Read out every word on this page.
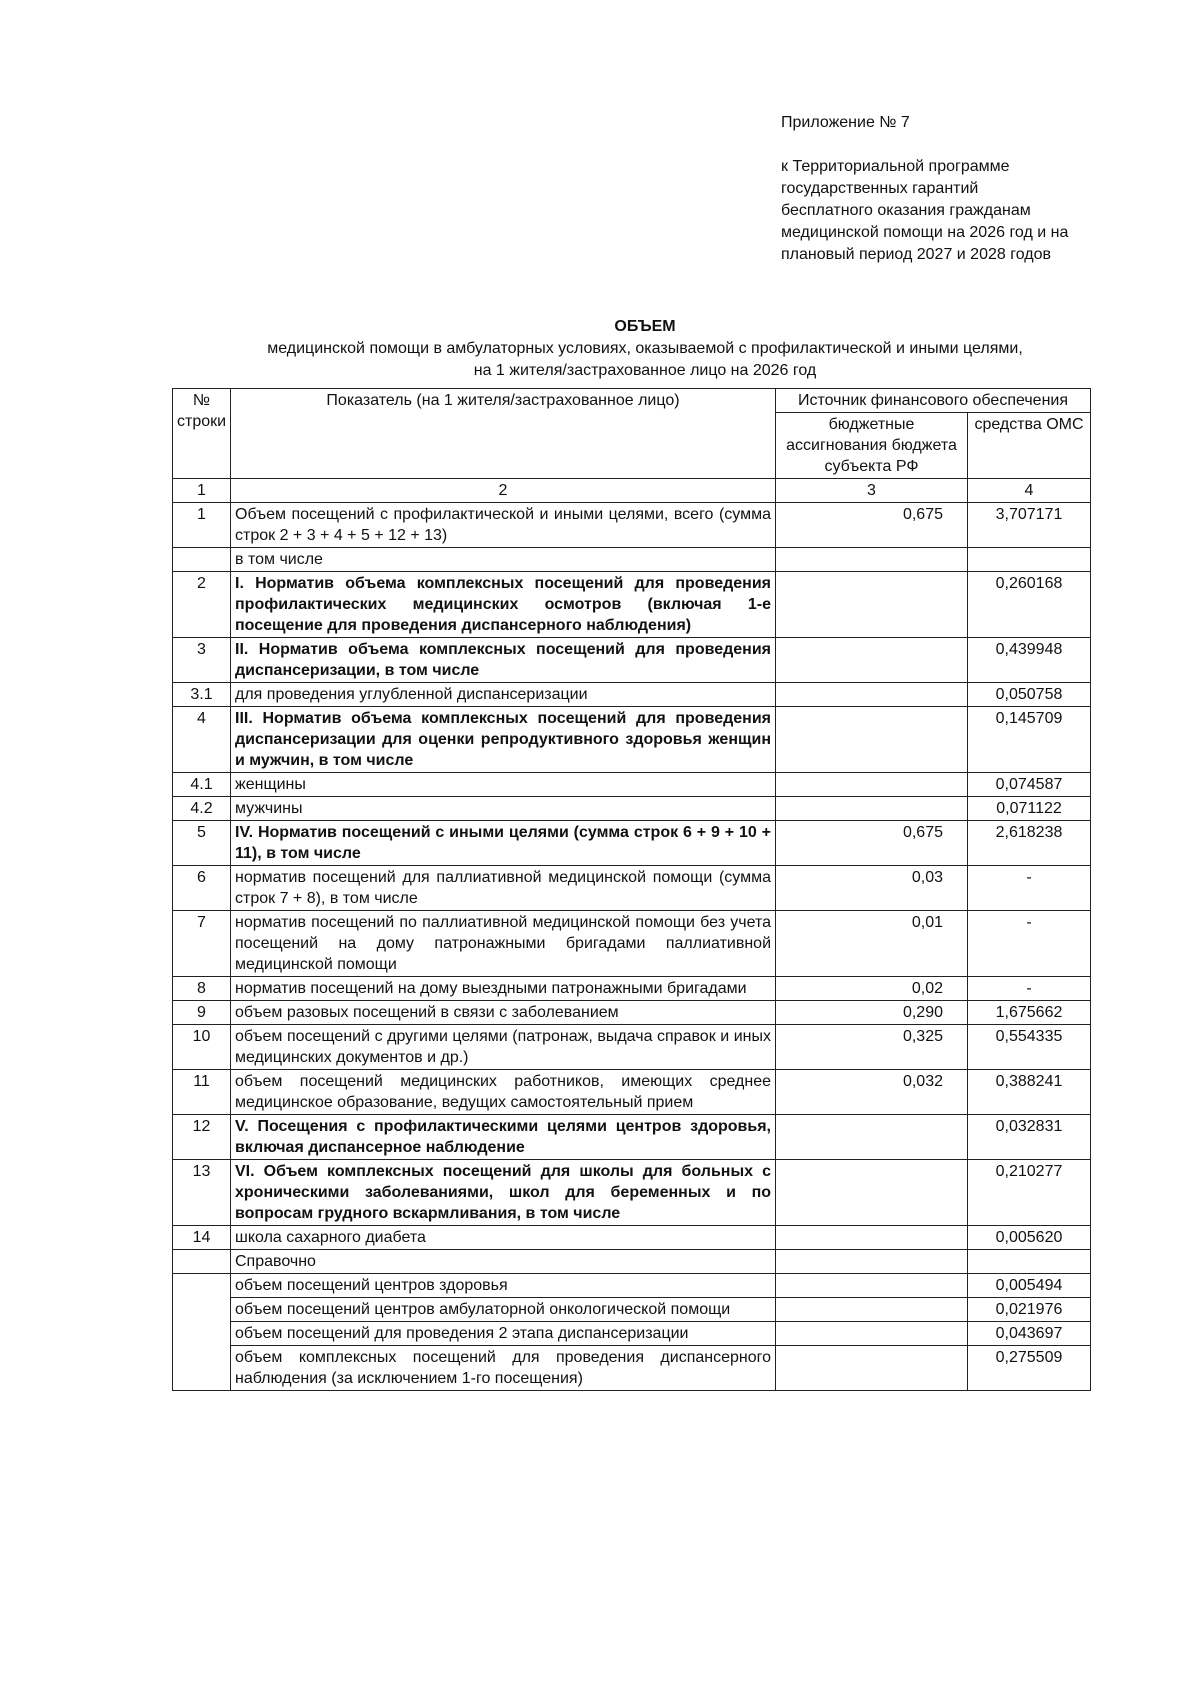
Приложение № 7
к Территориальной программе
государственных гарантий
бесплатного оказания гражданам
медицинской помощи на 2026 год и на
плановый период 2027 и 2028 годов
ОБЪЕМ
медицинской помощи в амбулаторных условиях, оказываемой с профилактической и иными целями,
на 1 жителя/застрахованное лицо на 2026 год
№ строки	Показатель (на 1 жителя/застрахованное лицо)	Источник финансового обеспечения	
		бюджетные ассигнования бюджета субъекта РФ	средства ОМС
1	2	3	4
1	Объем посещений с профилактической и иными целями, всего (сумма строк 2 + 3 + 4 + 5 + 12 + 13)	0,675	3,707171
	в том числе		
2	I. Норматив объема комплексных посещений для проведения профилактических медицинских осмотров (включая 1-е посещение для проведения диспансерного наблюдения)		0,260168
3	II. Норматив объема комплексных посещений для проведения диспансеризации, в том числе		0,439948
3.1	для проведения углубленной диспансеризации		0,050758
4	III. Норматив объема комплексных посещений для проведения диспансеризации для оценки репродуктивного здоровья женщин и мужчин, в том числе		0,145709
4.1	женщины		0,074587
4.2	мужчины		0,071122
5	IV. Норматив посещений с иными целями (сумма строк 6 + 9 + 10 + 11), в том числе	0,675	2,618238
6	норматив посещений для паллиативной медицинской помощи (сумма строк 7 + 8), в том числе	0,03	-
7	норматив посещений по паллиативной медицинской помощи без учета посещений на дому патронажными бригадами паллиативной медицинской помощи	0,01	-
8	норматив посещений на дому выездными патронажными бригадами	0,02	-
9	объем разовых посещений в связи с заболеванием	0,290	1,675662
10	объем посещений с другими целями (патронаж, выдача справок и иных медицинских документов и др.)	0,325	0,554335
11	объем посещений медицинских работников, имеющих среднее медицинское образование, ведущих самостоятельный прием	0,032	0,388241
12	V. Посещения с профилактическими целями центров здоровья, включая диспансерное наблюдение		0,032831
13	VI. Объем комплексных посещений для школы для больных с хроническими заболеваниями, школ для беременных и по вопросам грудного вскармливания, в том числе		0,210277
14	школа сахарного диабета		0,005620
	Справочно		
	объем посещений центров здоровья		0,005494
	объем посещений центров амбулаторной онкологической помощи		0,021976
	объем посещений для проведения 2 этапа диспансеризации		0,043697
	объем комплексных посещений для проведения диспансерного наблюдения (за исключением 1-го посещения)		0,275509
